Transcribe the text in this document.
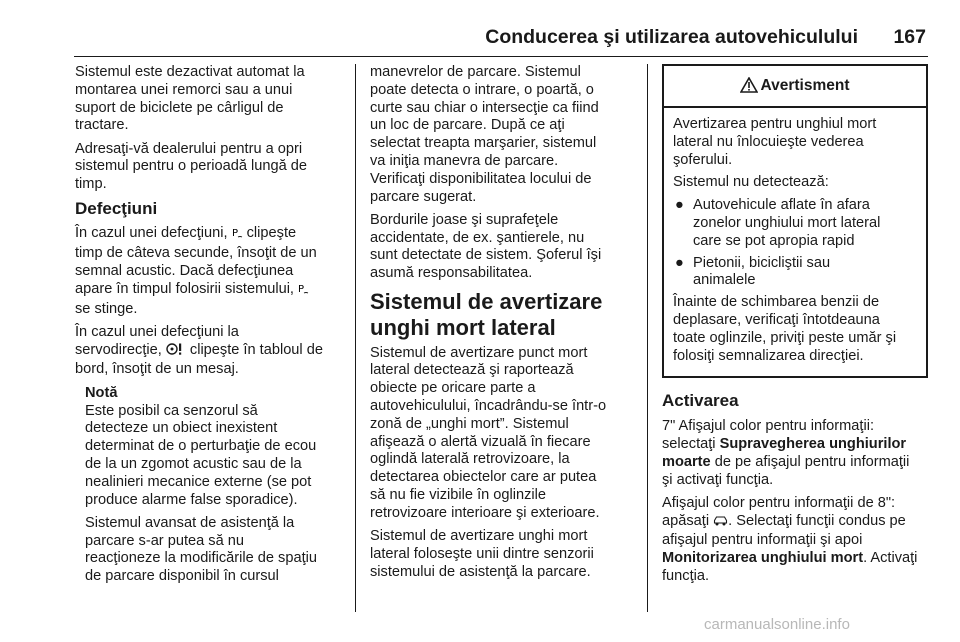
Conducerea şi utilizarea autovehiculului 167

Sistemul este dezactivat automat la
montarea unei remorci sau a unui
suport de biciclete pe cârligul de
tractare.

Adresaţi-vă dealerului pentru a opri
sistemul pentru o perioadă lungă de
timp.

Defecţiuni

În cazul unei defecţiuni, P clipeşte
timp de câteva secunde, însoţit de un
semnal acustic. Dacă defecţiunea
apare în timpul folosirii sistemului, P

se stinge.

În cazul unei defecţiuni la
servodirecţie,  clipeşte în tabloul de
bord, însoţit de un mesaj.

Notă

Este posibil ca senzorul să
detecteze un obiect inexistent
determinat de o perturbaţie de ecou
de la un zgomot acustic sau de la
nealinieri mecanice externe (se pot
produce alarme false sporadice).

Sistemul avansat de asistenţă la
parcare s-ar putea să nu
reacţioneze la modificările de spaţiu
de parcare disponibil în cursul

manevrelor de parcare. Sistemul
poate detecta o intrare, o poartă, o
curte sau chiar o intersecţie ca fiind
un loc de parcare. După ce aţi
selectat treapta marşarier, sistemul
va iniţia manevra de parcare.
Verificaţi disponibilitatea locului de
parcare sugerat.

Bordurile joase şi suprafeţele
accidentate, de ex. şantierele, nu
sunt detectate de sistem. Şoferul îşi
asumă responsabilitatea.

Sistemul de avertizare
unghi mort lateral

Sistemul de avertizare punct mort
lateral detectează şi raportează
obiecte pe oricare parte a
autovehiculului, încadrându-se într-o
zonă de „unghi mort”. Sistemul
afişează o alertă vizuală în fiecare
oglindă laterală retrovizoare, la
detectarea obiectelor care ar putea
să nu fie vizibile în oglinzile
retrovizoare interioare şi exterioare.

Sistemul de avertizare unghi mort
lateral foloseşte unii dintre senzorii
sistemului de asistenţă la parcare.

Avertisment

Avertizarea pentru unghiul mort
lateral nu înlocuieşte vederea
şoferului.

Sistemul nu detectează:

● Autovehicule aflate în afara
zonelor unghiului mort lateral
care se pot apropia rapid
● Pietonii, bicicliştii sau
animalele

Înainte de schimbarea benzii de
deplasare, verificaţi întotdeauna
toate oglinzile, priviţi peste umăr şi
folosiţi semnalizarea direcţiei.

Activarea

7" Afişajul color pentru informaţii:
selectaţi Supravegherea unghiurilor
moarte de pe afişajul pentru informaţii
şi activaţi funcţia.

Afişajul color pentru informaţii de 8":
apăsaţi . Selectaţi funcţii condus pe
afişajul pentru informaţii şi apoi
Monitorizarea unghiului mort. Activaţi
funcţia.

carmanualsonline.info
